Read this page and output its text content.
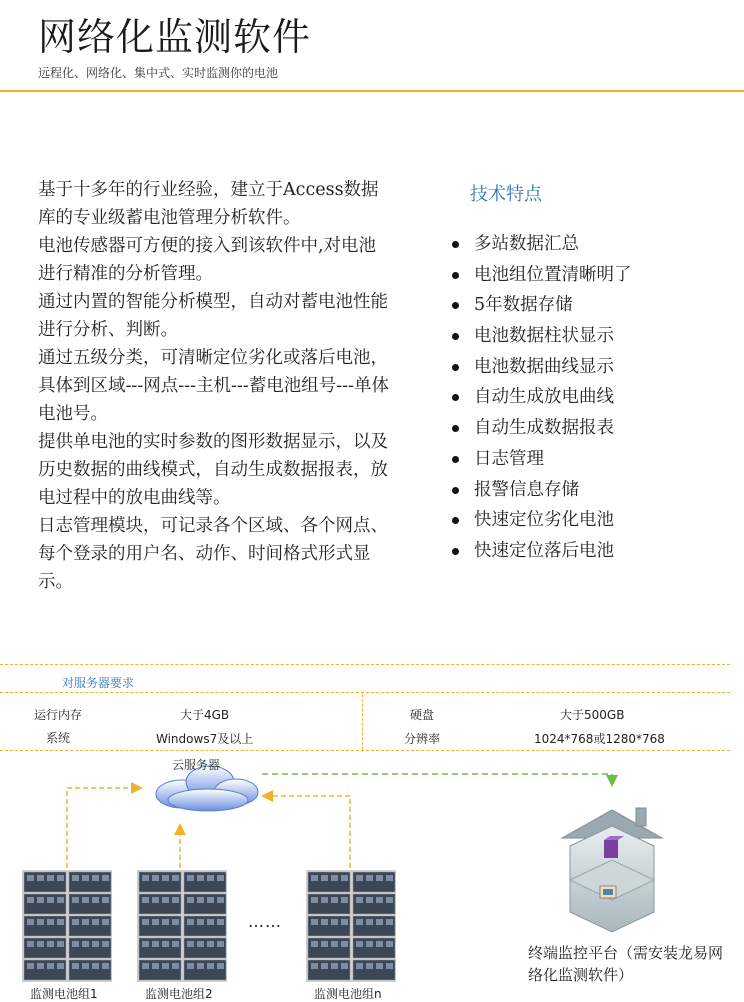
网络化监测软件
远程化、网络化、集中式、实时监测你的电池

基于十多年的行业经验，建立于Access数据库的专业级蓄电池管理分析软件。

电池传感器可方便的接入到该软件中,对电池进行精准的分析管理。

通过内置的智能分析模型，自动对蓄电池性能进行分析、判断。

通过五级分类，可清晰定位劣化或落后电池，具体到区域---网点---主机---蓄电池组号---单体电池号。

提供单电池的实时参数的图形数据显示，以及历史数据的曲线模式，自动生成数据报表，放电过程中的放电曲线等。

日志管理模块，可记录各个区域、各个网点、每个登录的用户名、动作、时间格式形式显示。

技术特点
多站数据汇总
电池组位置清晰明了
5年数据存储
电池数据柱状显示
电池数据曲线显示
自动生成放电曲线
自动生成数据报表
日志管理
报警信息存储
快速定位劣化电池
快速定位落后电池
对服务器要求
运行内存	大于4GB	硬盘	大于500GB
系统	Windows7及以上	分辨率	1024*768或1280*768
云服务器
……
监测电池组1	监测电池组2	监测电池组n
终端监控平台（需安装龙易网络化监测软件）
